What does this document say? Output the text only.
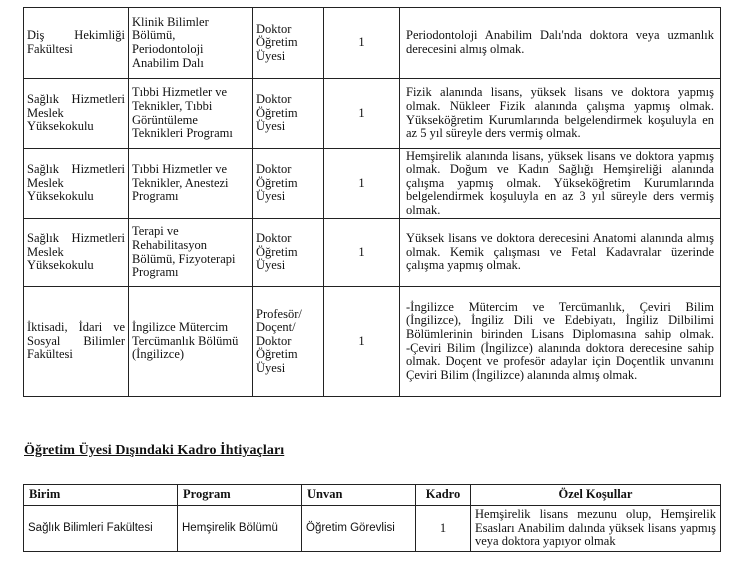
Diş Hekimliği Fakültesi	Klinik Bilimler Bölümü, Periodontoloji Anabilim Dalı	Doktor Öğretim Üyesi	1	Periodontoloji Anabilim Dalı'nda doktora veya uzmanlık derecesini almış olmak.
Sağlık Hizmetleri Meslek Yüksekokulu	Tıbbi Hizmetler ve Teknikler, Tıbbi Görüntüleme Teknikleri Programı	Doktor Öğretim Üyesi	1	Fizik alanında lisans, yüksek lisans ve doktora yapmış olmak. Nükleer Fizik alanında çalışma yapmış olmak. Yükseköğretim Kurumlarında belgelendirmek koşuluyla en az 5 yıl süreyle ders vermiş olmak.
Sağlık Hizmetleri Meslek Yüksekokulu	Tıbbi Hizmetler ve Teknikler, Anestezi Programı	Doktor Öğretim Üyesi	1	Hemşirelik alanında lisans, yüksek lisans ve doktora yapmış olmak. Doğum ve Kadın Sağlığı Hemşireliği alanında çalışma yapmış olmak. Yükseköğretim Kurumlarında belgelendirmek koşuluyla en az 3 yıl süreyle ders vermiş olmak.
Sağlık Hizmetleri Meslek Yüksekokulu	Terapi ve Rehabilitasyon Bölümü, Fizyoterapi Programı	Doktor Öğretim Üyesi	1	Yüksek lisans ve doktora derecesini Anatomi alanında almış olmak. Kemik çalışması ve Fetal Kadavralar üzerinde çalışma yapmış olmak.
İktisadi, İdari ve Sosyal Bilimler Fakültesi	İngilizce Mütercim Tercümanlık Bölümü (İngilizce)	Profesör/ Doçent/ Doktor Öğretim Üyesi	1	-İngilizce Mütercim ve Tercümanlık, Çeviri Bilim (İngilizce), İngiliz Dili ve Edebiyatı, İngiliz Dilbilimi Bölümlerinin birinden Lisans Diplomasına sahip olmak. -Çeviri Bilim (İngilizce) alanında doktora derecesine sahip olmak. Doçent ve profesör adaylar için Doçentlik unvanını Çeviri Bilim (İngilizce) alanında almış olmak.
Öğretim Üyesi Dışındaki Kadro İhtiyaçları
Birim	Program	Unvan	Kadro	Özel Koşullar
Sağlık Bilimleri Fakültesi	Hemşirelik Bölümü	Öğretim Görevlisi	1	Hemşirelik lisans mezunu olup, Hemşirelik Esasları Anabilim dalında yüksek lisans yapmış veya doktora yapıyor olmak
